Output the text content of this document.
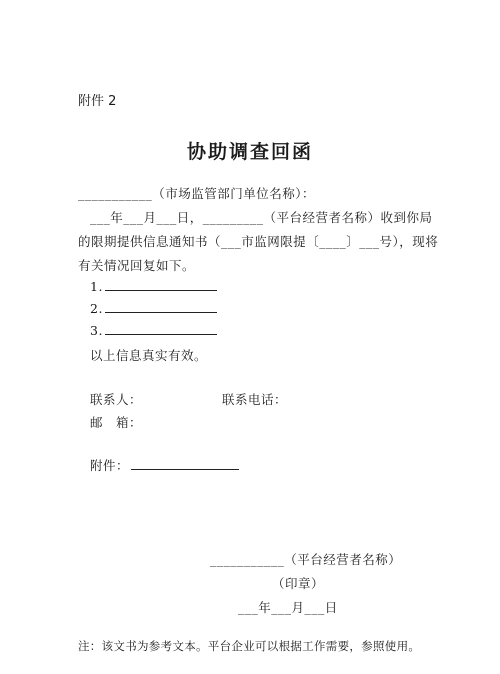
附件 2
协助调查回函
___________（市场监管部门单位名称）：
___年___月___日，_________（平台经营者名称）收到你局
的限期提供信息通知书（___市监网限提〔____〕___号），现将
有关情况回复如下。
1.
2.
3.
以上信息真实有效。
联系人：	联系电话：
邮　箱：
附件：
___________（平台经营者名称）
（印章）
___年___月___日
注：该文书为参考文本。平台企业可以根据工作需要，参照使用。
